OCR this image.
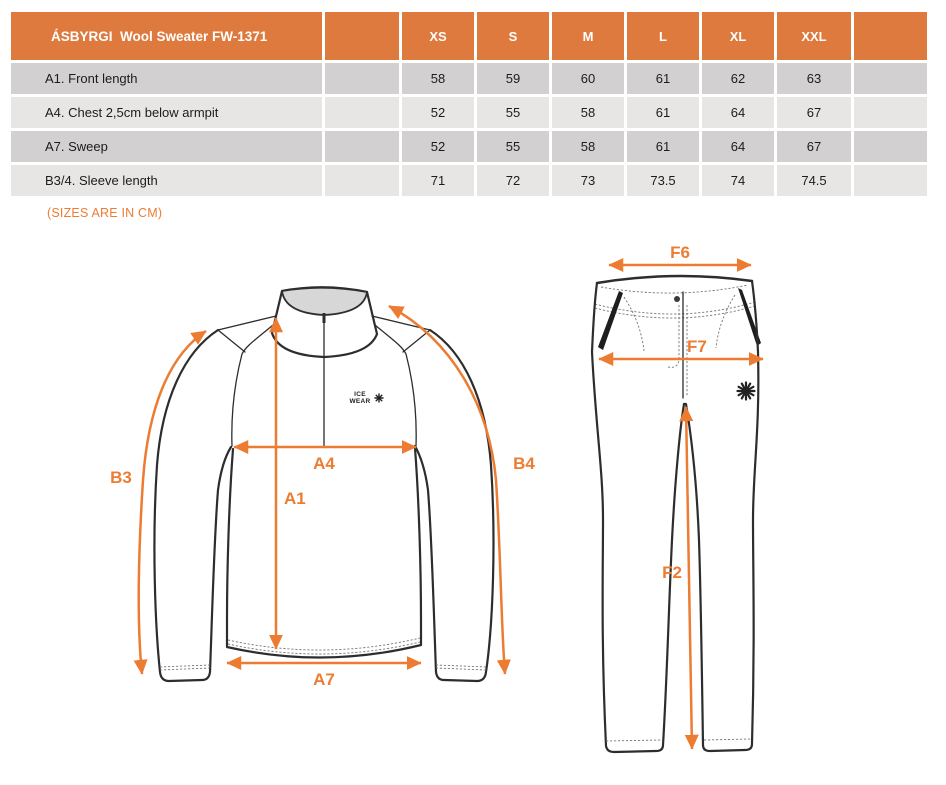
ÁSBYRGI  Wool Sweater FW-1371		XS	S	M	L	XL	XXL	
A1. Front length		58	59	60	61	62	63	
A4. Chest 2,5cm below armpit		52	55	58	61	64	67	
A7. Sweep		52	55	58	61	64	67	
B3/4. Sleeve length		71	72	73	73.5	74	74.5	
(SIZES ARE IN CM)
ICE
WEAR
B3
A4
A1
B4
A7
F6
F7
F2
